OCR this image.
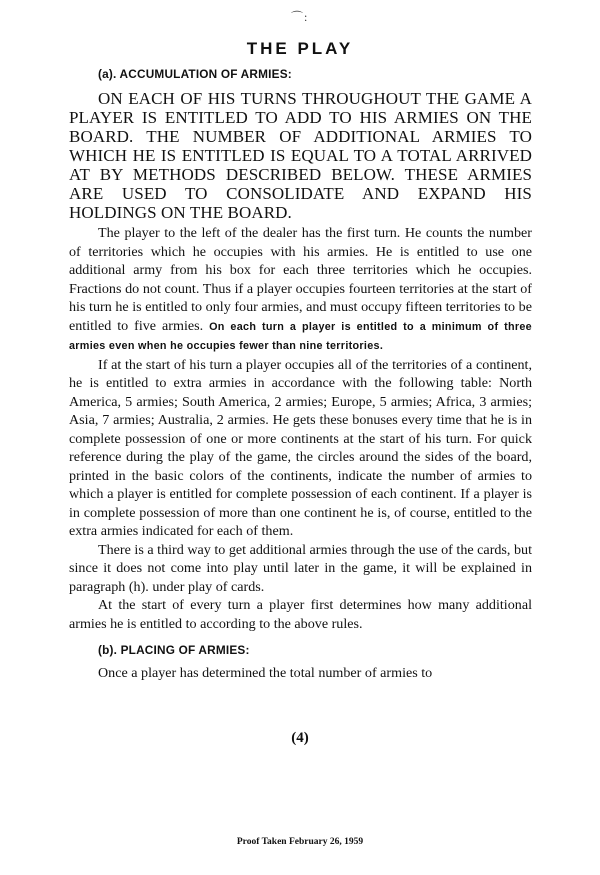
⌒:
THE PLAY
(a). ACCUMULATION OF ARMIES:

ON EACH OF HIS TURNS THROUGHOUT THE GAME A PLAYER IS ENTITLED TO ADD TO HIS ARMIES ON THE BOARD. THE NUMBER OF ADDITIONAL ARMIES TO WHICH HE IS ENTITLED IS EQUAL TO A TOTAL ARRIVED AT BY METHODS DESCRIBED BELOW. THESE ARMIES ARE USED TO CONSOLIDATE AND EXPAND HIS HOLDINGS ON THE BOARD.

The player to the left of the dealer has the first turn. He counts the number of territories which he occupies with his armies. He is entitled to use one additional army from his box for each three territories which he occupies. Fractions do not count. Thus if a player occupies fourteen territories at the start of his turn he is entitled to only four armies, and must occupy fifteen territories to be entitled to five armies. On each turn a player is entitled to a minimum of three armies even when he occupies fewer than nine territories.

If at the start of his turn a player occupies all of the territories of a continent, he is entitled to extra armies in accordance with the following table: North America, 5 armies; South America, 2 armies; Europe, 5 armies; Africa, 3 armies; Asia, 7 armies; Australia, 2 armies. He gets these bonuses every time that he is in complete possession of one or more continents at the start of his turn. For quick reference during the play of the game, the circles around the sides of the board, printed in the basic colors of the continents, indicate the number of armies to which a player is entitled for complete possession of each continent. If a player is in complete possession of more than one continent he is, of course, entitled to the extra armies indicated for each of them.

There is a third way to get additional armies through the use of the cards, but since it does not come into play until later in the game, it will be explained in paragraph (h). under play of cards.

At the start of every turn a player first determines how many additional armies he is entitled to according to the above rules.

(b). PLACING OF ARMIES:

Once a player has determined the total number of armies to

(4)
Proof Taken February 26, 1959
